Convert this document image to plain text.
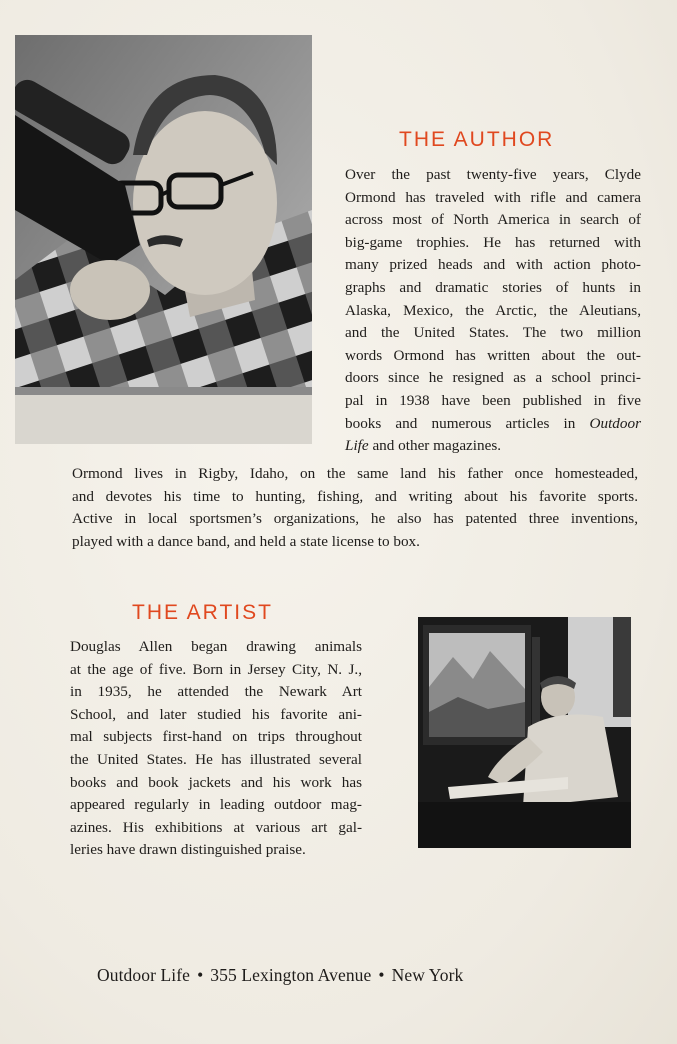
THE AUTHOR

Over the past twenty-five years, Clyde
Ormond has traveled with rifle and camera
across most of North America in search of
big-game trophies. He has returned with
many prized heads and with action photo-
graphs and dramatic stories of hunts in
Alaska, Mexico, the Arctic, the Aleutians,
and the United States. The two million
words Ormond has written about the out-
doors since he resigned as a school princi-
pal in 1938 have been published in five
books and numerous articles in Outdoor
Life and other magazines.

Ormond lives in Rigby, Idaho, on the same land his father once homesteaded,
and devotes his time to hunting, fishing, and writing about his favorite sports.
Active in local sportsmen’s organizations, he also has patented three inventions,
played with a dance band, and held a state license to box.

THE ARTIST

Douglas Allen began drawing animals
at the age of five. Born in Jersey City, N. J.,
in 1935, he attended the Newark Art
School, and later studied his favorite ani-
mal subjects first-hand on trips throughout
the United States. He has illustrated several
books and book jackets and his work has
appeared regularly in leading outdoor mag-
azines. His exhibitions at various art gal-
leries have drawn distinguished praise.

Outdoor Life • 355 Lexington Avenue • New York
